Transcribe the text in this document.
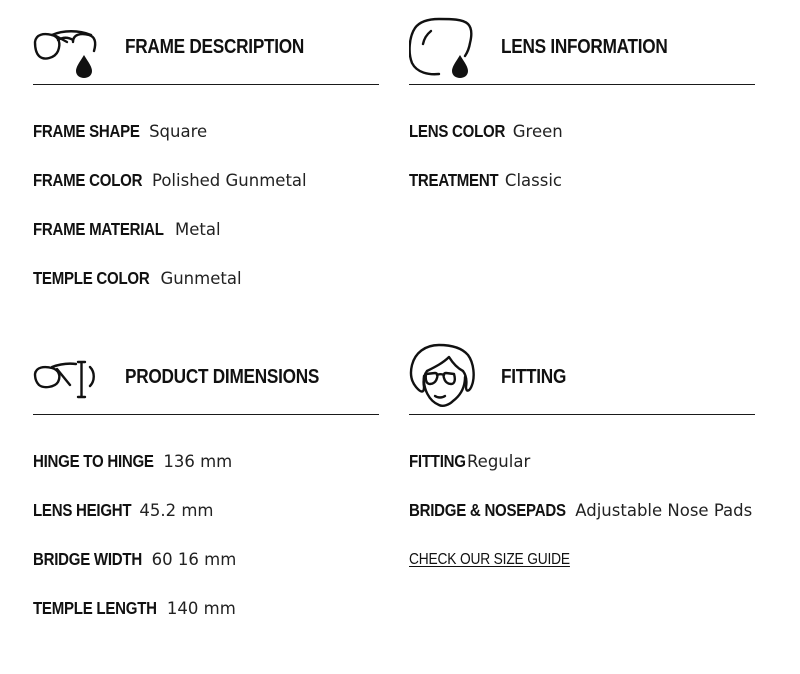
FRAME DESCRIPTION
FRAME SHAPE Square
FRAME COLOR Polished Gunmetal
FRAME MATERIAL Metal
TEMPLE COLOR Gunmetal
LENS INFORMATION
LENS COLOR Green
TREATMENT Classic
PRODUCT DIMENSIONS
HINGE TO HINGE 136 mm
LENS HEIGHT 45.2 mm
BRIDGE WIDTH 60 16 mm
TEMPLE LENGTH 140 mm
FITTING
FITTING Regular
BRIDGE & NOSEPADS Adjustable Nose Pads
CHECK OUR SIZE GUIDE
